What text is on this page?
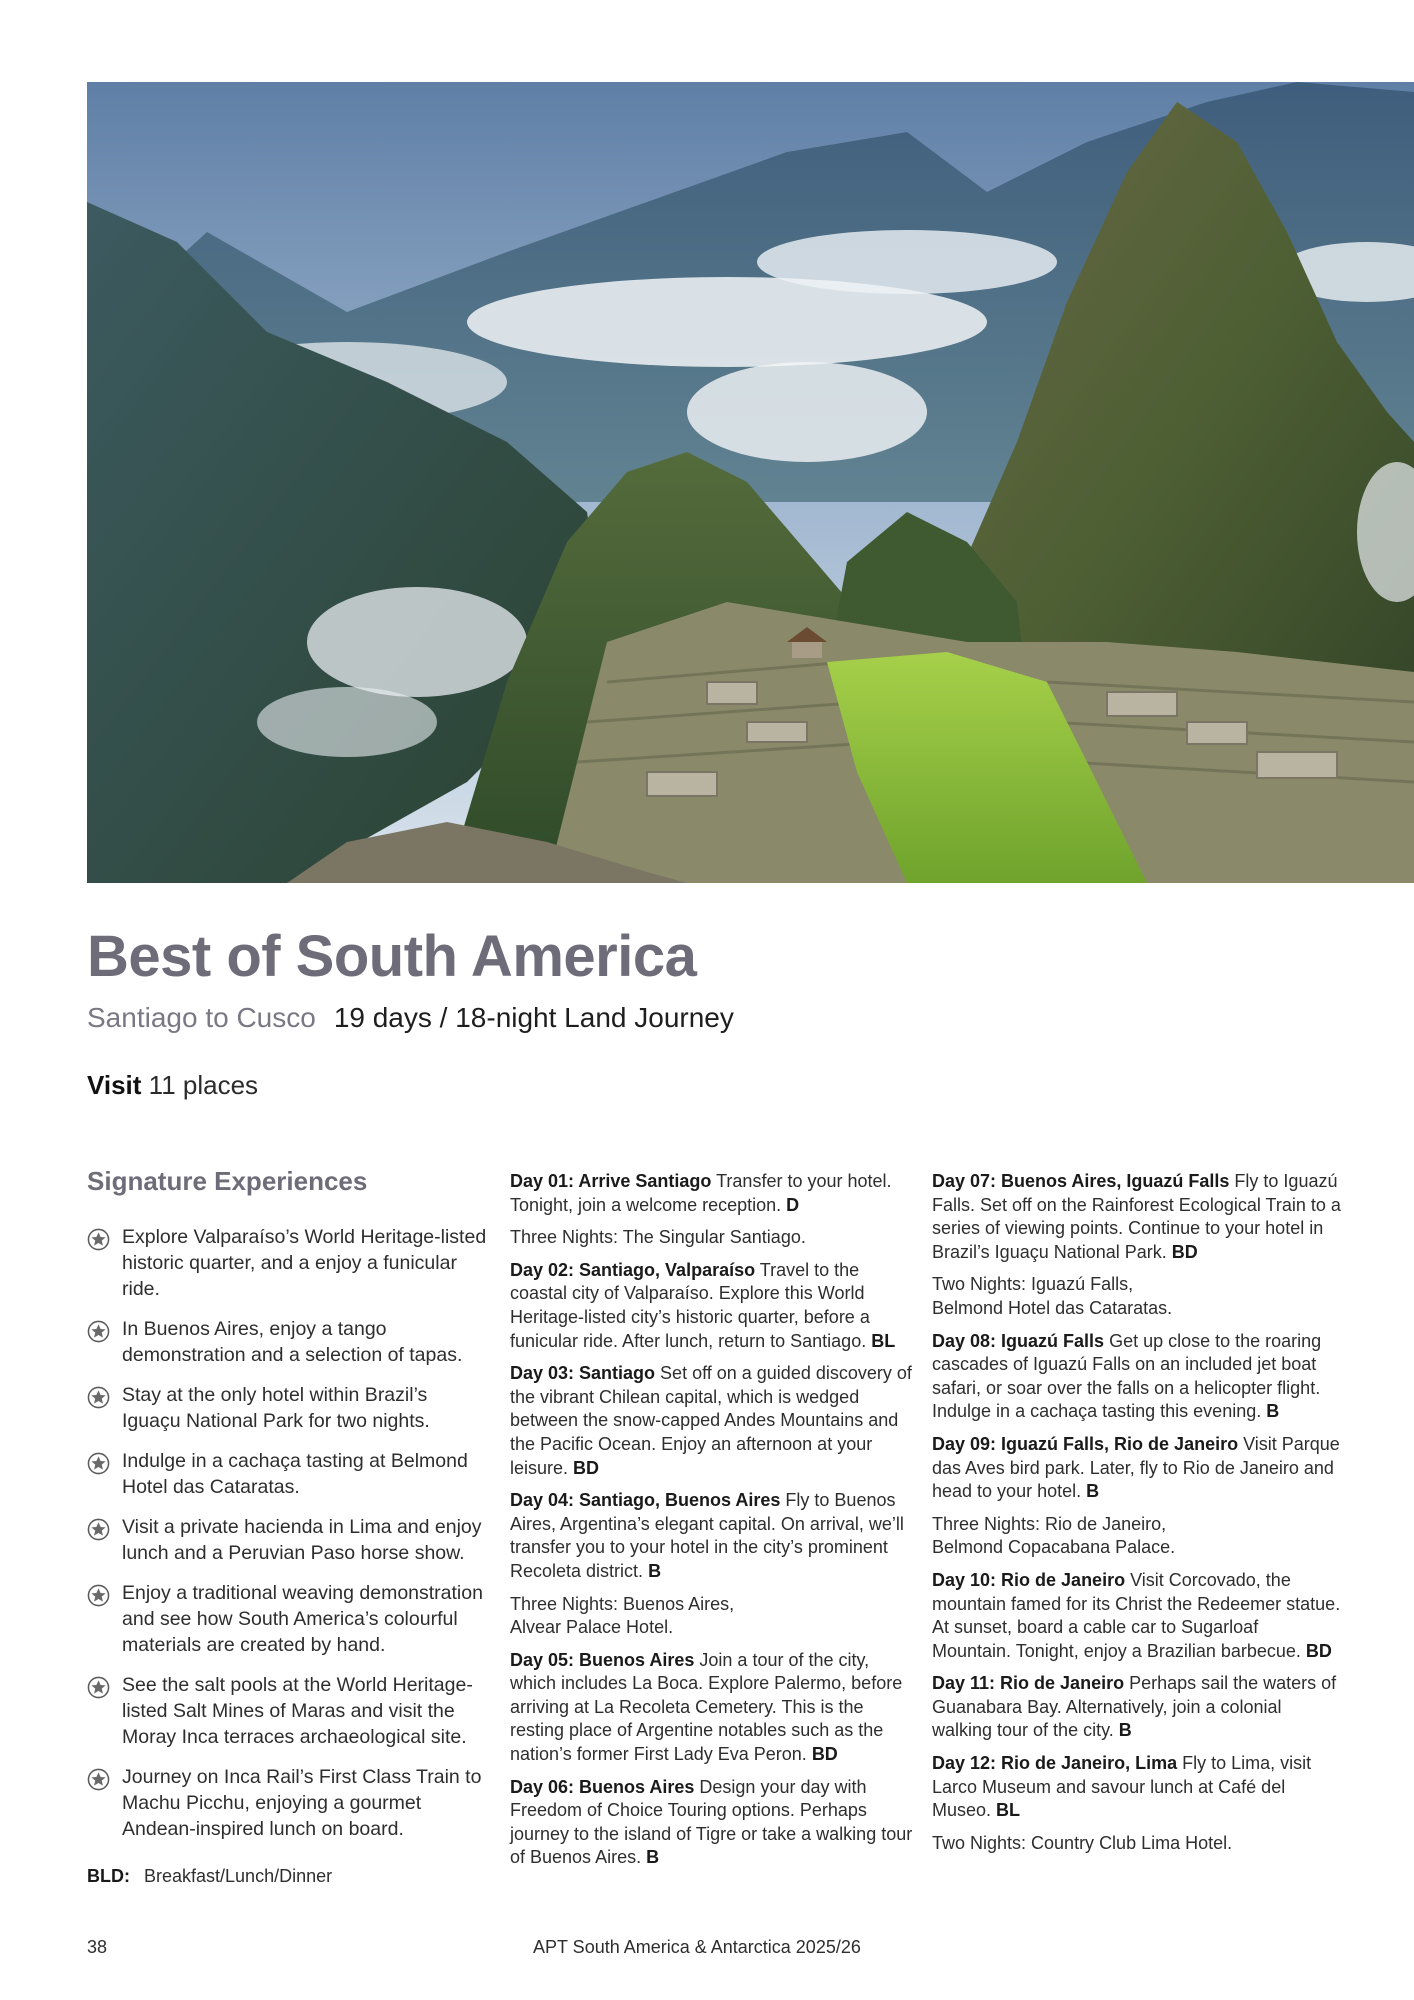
Best of South America
Santiago to Cusco 19 days / 18-night Land Journey
Visit 11 places
Signature Experiences
Explore Valparaíso’s World Heritage-listed historic quarter, and a enjoy a funicular ride.
In Buenos Aires, enjoy a tango demonstration and a selection of tapas.
Stay at the only hotel within Brazil’s Iguaçu National Park for two nights.
Indulge in a cachaça tasting at Belmond Hotel das Cataratas.
Visit a private hacienda in Lima and enjoy lunch and a Peruvian Paso horse show.
Enjoy a traditional weaving demonstration and see how South America’s colourful materials are created by hand.
See the salt pools at the World Heritage-listed Salt Mines of Maras and visit the Moray Inca terraces archaeological site.
Journey on Inca Rail’s First Class Train to Machu Picchu, enjoying a gourmet Andean-inspired lunch on board.
BLD: Breakfast/Lunch/Dinner

Day 01: Arrive Santiago Transfer to your hotel. Tonight, join a welcome reception. D

Three Nights: The Singular Santiago.

Day 02: Santiago, Valparaíso Travel to the coastal city of Valparaíso. Explore this World Heritage-listed city’s historic quarter, before a funicular ride. After lunch, return to Santiago. BL

Day 03: Santiago Set off on a guided discovery of the vibrant Chilean capital, which is wedged between the snow-capped Andes Mountains and the Pacific Ocean. Enjoy an afternoon at your leisure. BD

Day 04: Santiago, Buenos Aires Fly to Buenos Aires, Argentina’s elegant capital. On arrival, we’ll transfer you to your hotel in the city’s prominent Recoleta district. B

Three Nights: Buenos Aires,
Alvear Palace Hotel.

Day 05: Buenos Aires Join a tour of the city, which includes La Boca. Explore Palermo, before arriving at La Recoleta Cemetery. This is the resting place of Argentine notables such as the nation’s former First Lady Eva Peron. BD

Day 06: Buenos Aires Design your day with Freedom of Choice Touring options. Perhaps journey to the island of Tigre or take a walking tour of Buenos Aires. B

Day 07: Buenos Aires, Iguazú Falls Fly to Iguazú Falls. Set off on the Rainforest Ecological Train to a series of viewing points. Continue to your hotel in Brazil’s Iguaçu National Park. BD

Two Nights: Iguazú Falls,
Belmond Hotel das Cataratas.

Day 08: Iguazú Falls Get up close to the roaring cascades of Iguazú Falls on an included jet boat safari, or soar over the falls on a helicopter flight. Indulge in a cachaça tasting this evening. B

Day 09: Iguazú Falls, Rio de Janeiro Visit Parque das Aves bird park. Later, fly to Rio de Janeiro and head to your hotel. B

Three Nights: Rio de Janeiro,
Belmond Copacabana Palace.

Day 10: Rio de Janeiro Visit Corcovado, the mountain famed for its Christ the Redeemer statue. At sunset, board a cable car to Sugarloaf Mountain. Tonight, enjoy a Brazilian barbecue. BD

Day 11: Rio de Janeiro Perhaps sail the waters of Guanabara Bay. Alternatively, join a colonial walking tour of the city. B

Day 12: Rio de Janeiro, Lima Fly to Lima, visit Larco Museum and savour lunch at Café del Museo. BL

Two Nights: Country Club Lima Hotel.

38	APT South America & Antarctica 2025/26
